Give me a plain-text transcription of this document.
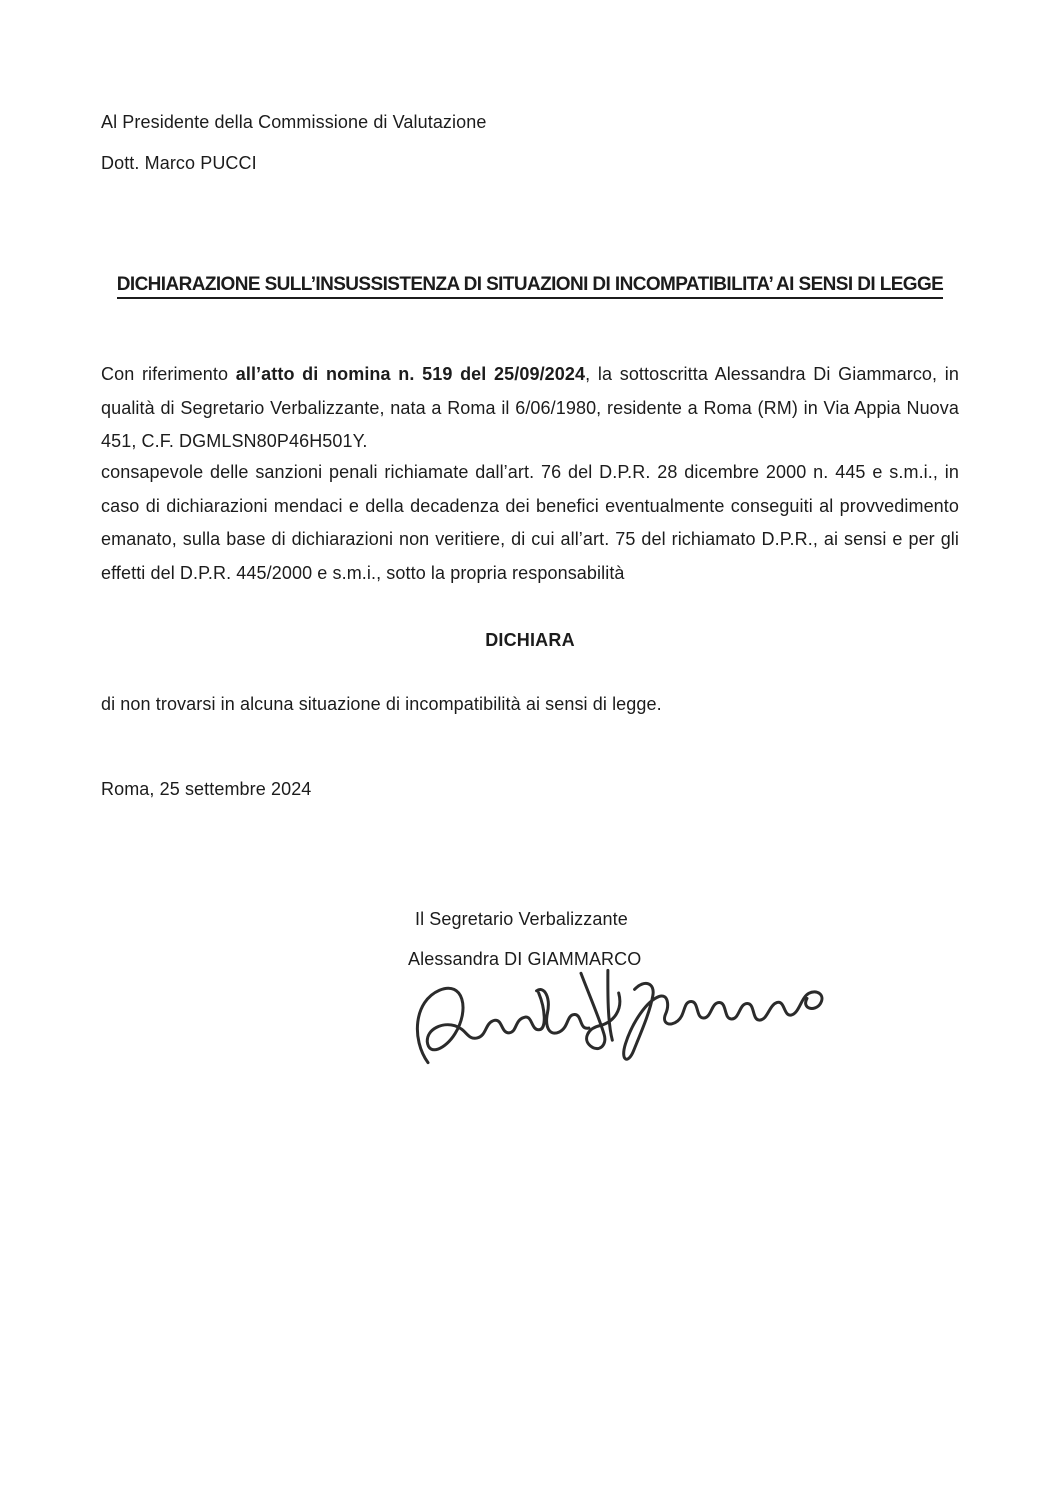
Al Presidente della Commissione di Valutazione
Dott. Marco PUCCI
DICHIARAZIONE SULL’INSUSSISTENZA DI SITUAZIONI DI INCOMPATIBILITA’ AI SENSI DI LEGGE

Con riferimento all’atto di nomina n. 519 del 25/09/2024, la sottoscritta Alessandra Di Giammarco, in qualità di Segretario Verbalizzante, nata a Roma il 6/06/1980, residente a Roma (RM) in Via Appia Nuova 451, C.F. DGMLSN80P46H501Y.

consapevole delle sanzioni penali richiamate dall’art. 76 del D.P.R. 28 dicembre 2000 n. 445 e s.m.i., in caso di dichiarazioni mendaci e della decadenza dei benefici eventualmente conseguiti al provvedimento emanato, sulla base di dichiarazioni non veritiere, di cui all’art. 75 del richiamato D.P.R., ai sensi e per gli effetti del D.P.R. 445/2000 e s.m.i., sotto la propria responsabilità

DICHIARA

di non trovarsi in alcuna situazione di incompatibilità ai sensi di legge.
Roma, 25 settembre 2024
Il Segretario Verbalizzante
Alessandra DI GIAMMARCO
